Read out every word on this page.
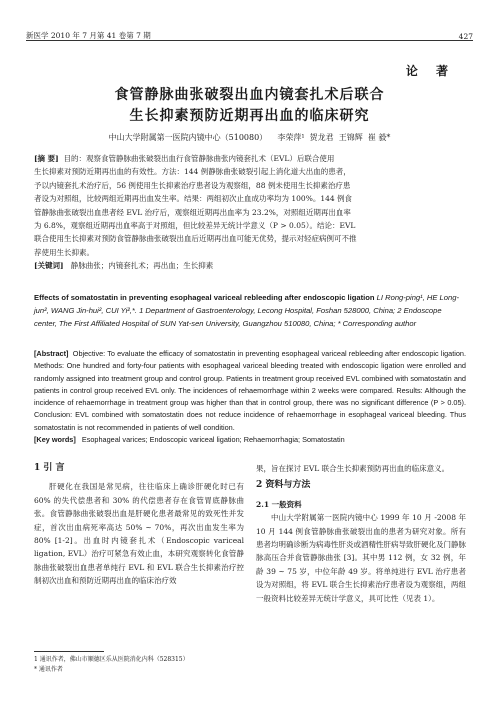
新医学 2010 年 7 月第 41 卷第 7 期	427
论 著
食管静脉曲张破裂出血内镜套扎术后联合
生长抑素预防近期再出血的临床研究
中山大学附属第一医院内镜中心（510080）    李荣萍¹  贺龙君  王锦辉  崔 毅*
[摘 要] 目的：观察食管静脉曲张破裂出血行食管静脉曲张内镜套扎术（EVL）后联合使用
生长抑素对预防近期再出血的有效性。方法：144 例静脉曲张破裂引起上消化道大出血的患者，
予以内镜套扎术治疗后，56 例使用生长抑素治疗患者设为观察组，88 例未使用生长抑素治疗患
者设为对照组，比较两组近期再出血发生率。结果：两组初次止血成功率均为 100%。144 例食
管静脉曲张破裂出血患者经 EVL 治疗后，观察组近期再出血率为 23.2%，对照组近期再出血率
为 6.8%，观察组近期再出血率高于对照组，但比较差异无统计学意义（P > 0.05）。结论：EVL
联合使用生长抑素对预防食管静脉曲张破裂出血后近期再出血可能无优势，提示对轻症病例可不推
荐使用生长抑素。
[关键词] 静脉曲张；内镜套扎术；再出血；生长抑素
Effects of somatostatin in preventing esophageal variceal rebleeding after endoscopic ligation LI Rong-ping¹, HE Long-jun², WANG Jin-hui², CUI Yi²,*. 1 Department of Gastroenterology, Lecong Hospital, Foshan 528000, China; 2 Endoscope center, The First Affiliated Hospital of SUN Yat-sen University, Guangzhou 510080, China; * Corresponding author
[Abstract] Objective: To evaluate the efficacy of somatostatin in preventing esophageal variceal rebleeding after endoscopic ligation. Methods: One hundred and forty-four patients with esophageal variceal bleeding treated with endoscopic ligation were enrolled and randomly assigned into treatment group and control group. Patients in treatment group received EVL combined with somatostatin and patients in control group received EVL only. The incidences of rehaemorrhage within 2 weeks were compared. Results: Although the incidence of rehaemorrhage in treatment group was higher than that in control group, there was no significant difference (P > 0.05). Conclusion: EVL combined with somatostatin does not reduce incidence of rehaemorrhage in esophageal variceal bleeding. Thus somatostatin is not recommended in patients of well condition.
[Key words] Esophageal varices; Endoscopic variceal ligation; Rehaemorrhagia; Somatostatin
1 引 言
肝硬化在我国是常见病，往往临床上确诊肝硬化时已有 60% 的失代偿患者和 30% 的代偿患者存在食管胃底静脉曲张。食管静脉曲张破裂出血是肝硬化患者最常见的致死性并发症，首次出血病死率高达 50% ~ 70%，再次出血发生率为 80% [1-2]。出血时内镜套扎术（Endoscopic variceal ligation, EVL）治疗可紧急有效止血，本研究观察转化食管静脉曲张破裂出血患者单纯行 EVL 和 EVL 联合生长抑素治疗控制初次出血和预防近期再出血的临床治疗效
果，旨在探讨 EVL 联合生长抑素预防再出血的临床意义。
2 资料与方法
2.1 一般资料
中山大学附属第一医院内镜中心 1999 年 10 月 -2008 年 10 月 144 例食管静脉曲张破裂出血的患者为研究对象。所有患者均明确诊断为病毒性肝炎或酒精性肝病导致肝硬化及门静脉脉高压合并食管静脉曲张 [3]。其中男 112 例，女 32 例，年龄 39 ~ 75 岁，中位年龄 49 岁。将单纯进行 EVL 治疗患者设为对照组，将 EVL 联合生长抑素治疗患者设为观察组，两组一般资料比较差异无统计学意义，具可比性（见表 1）。
1 通讯作者，佛山市顺德区乐从医院消化内科（528315）
* 通讯作者
